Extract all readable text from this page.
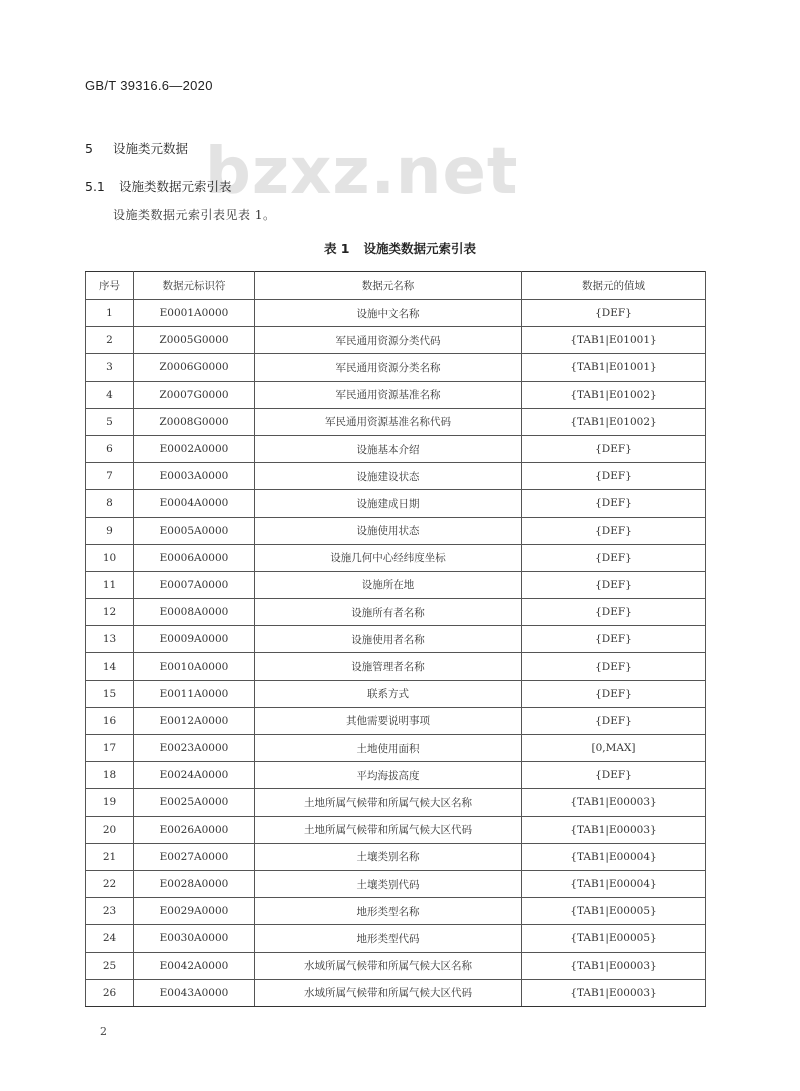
GB/T 39316.6—2020
bzxz.net
5 设施类元数据
5.1 设施类数据元索引表
设施类数据元索引表见表 1。
表 1 设施类数据元索引表
序号	数据元标识符	数据元名称	数据元的值域
1	E0001A0000	设施中文名称	{DEF}
2	Z0005G0000	军民通用资源分类代码	{TAB1|E01001}
3	Z0006G0000	军民通用资源分类名称	{TAB1|E01001}
4	Z0007G0000	军民通用资源基准名称	{TAB1|E01002}
5	Z0008G0000	军民通用资源基准名称代码	{TAB1|E01002}
6	E0002A0000	设施基本介绍	{DEF}
7	E0003A0000	设施建设状态	{DEF}
8	E0004A0000	设施建成日期	{DEF}
9	E0005A0000	设施使用状态	{DEF}
10	E0006A0000	设施几何中心经纬度坐标	{DEF}
11	E0007A0000	设施所在地	{DEF}
12	E0008A0000	设施所有者名称	{DEF}
13	E0009A0000	设施使用者名称	{DEF}
14	E0010A0000	设施管理者名称	{DEF}
15	E0011A0000	联系方式	{DEF}
16	E0012A0000	其他需要说明事项	{DEF}
17	E0023A0000	土地使用面积	[0,MAX]
18	E0024A0000	平均海拔高度	{DEF}
19	E0025A0000	土地所属气候带和所属气候大区名称	{TAB1|E00003}
20	E0026A0000	土地所属气候带和所属气候大区代码	{TAB1|E00003}
21	E0027A0000	土壤类别名称	{TAB1|E00004}
22	E0028A0000	土壤类别代码	{TAB1|E00004}
23	E0029A0000	地形类型名称	{TAB1|E00005}
24	E0030A0000	地形类型代码	{TAB1|E00005}
25	E0042A0000	水域所属气候带和所属气候大区名称	{TAB1|E00003}
26	E0043A0000	水域所属气候带和所属气候大区代码	{TAB1|E00003}
2
